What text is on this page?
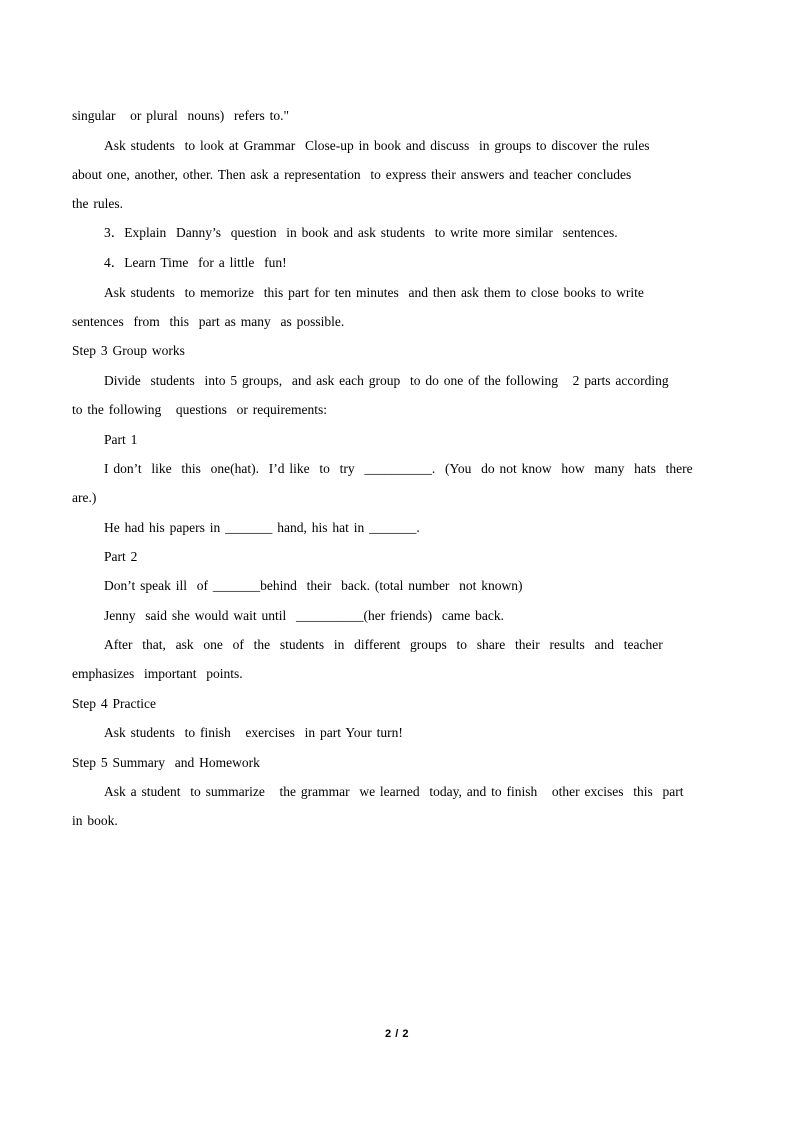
singular   or plural  nouns)  refers to."
Ask students  to look at Grammar  Close-up in book and discuss  in groups to discover the rules
about one, another, other. Then ask a representation  to express their answers and teacher concludes
the rules.
3．Explain  Danny’s  question  in book and ask students  to write more similar  sentences.
4．Learn Time  for a little  fun!
Ask students  to memorize  this part for ten minutes  and then ask them to close books to write
sentences  from  this  part as many  as possible.
Step 3 Group works
Divide  students  into 5 groups,  and ask each group  to do one of the following   2 parts according
to the following   questions  or requirements:
Part 1
I don’t  like  this  one(hat).  I’d like  to  try  __________.  (You  do not know  how  many  hats  there
are.)
He had his papers in _______ hand, his hat in _______.
Part 2
Don’t speak ill  of _______behind  their  back. (total number  not known)
Jenny  said she would wait until  __________(her friends)  came back.
After  that,  ask  one  of  the  students  in  different  groups  to  share  their  results  and  teacher
emphasizes  important  points.
Step 4 Practice
Ask students  to finish   exercises  in part Your turn!
Step 5 Summary  and Homework
Ask a student  to summarize   the grammar  we learned  today, and to finish   other excises  this  part
in book.
2 / 2
